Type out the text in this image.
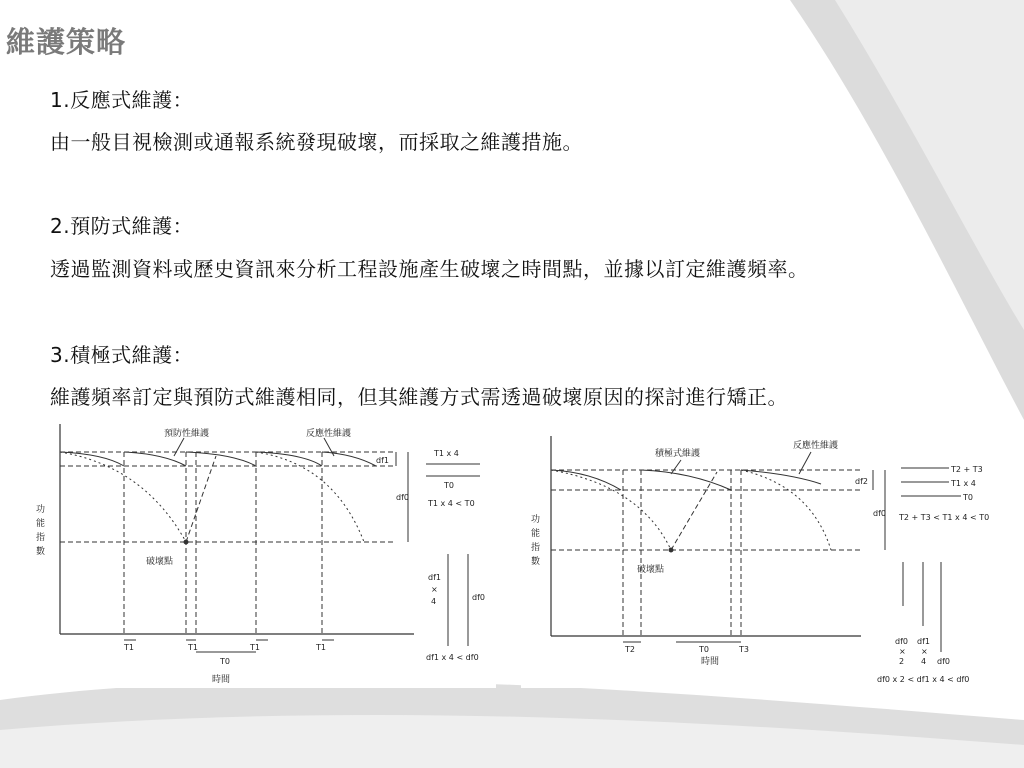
維護策略
1.反應式維護：
由一般目視檢測或通報系統發現破壞，而採取之維護措施。
2.預防式維護：
透過監測資料或歷史資訊來分析工程設施產生破壞之時間點，並據以訂定維護頻率。
3.積極式維護：
維護頻率訂定與預防式維護相同，但其維護方式需透過破壞原因的探討進行矯正。
預防性維護	反應性維護
功
能
指
數
破壞點
時間
T1	T1
T0
T1	T1
df1
df0
T1 x 4
T0
T1 x 4 < T0
df1
×
4	df0
df1 x 4 < df0
積極式維護
反應性維護
功
能
指
數
破壞點
時間
T2	T0	T3
df2
df0
T2 + T3
T1 x 4
T0
T2 + T3 < T1 x 4 < T0
df0
×
2
df1
×
4 df0
df0 x 2 < df1 x 4 < df0
